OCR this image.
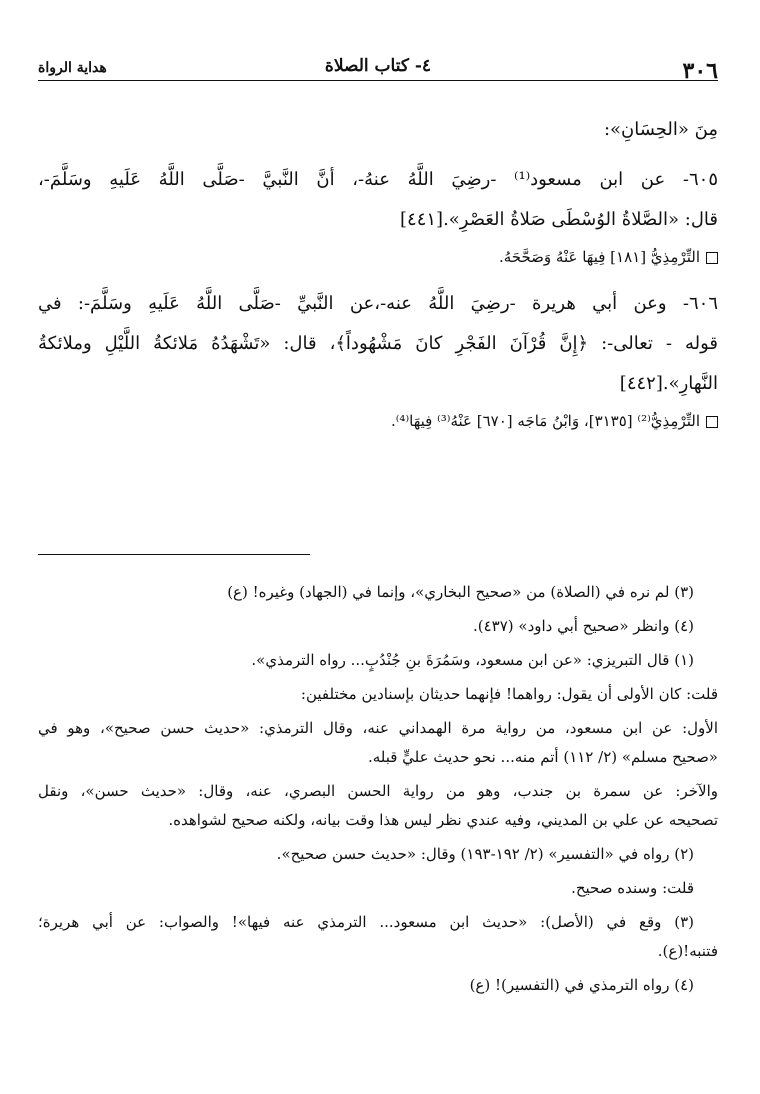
٣٠٦
٤- كتاب الصلاة
هداية الرواة
مِنَ «الحِسَانِ»:
٦٠٥- عن ابن مسعود⁽¹⁾ -رضِيَ اللَّهُ عنهُ-، أنَّ النَّبيَّ -صَلَّى اللَّهُ عَلَيهِ وسَلَّمَ-،
قال: «الصَّلاةُ الوُسْطَى صَلاةُ العَصْرِ».[٤٤١]
التِّرْمِذِيُّ [١٨١] فِيهَا عَنْهُ وَصَحَّحَهُ.
٦٠٦- وعن أبي هريرة -رضِيَ اللَّهُ عنه-،عن النَّبيِّ -صَلَّى اللَّهُ عَلَيهِ وسَلَّمَ-: في
قوله - تعالى-: ﴿إِنَّ قُرْآنَ الفَجْرِ كانَ مَشْهُوداً﴾، قال: «تَشْهَدُهُ مَلائكةُ اللَّيْلِ وملائكةُ
النَّهارِ».[٤٤٢]
التِّرْمِذِيُّ⁽²⁾ [٣١٣٥]، وَابْنُ مَاجَه [٦٧٠] عَنْهُ⁽³⁾ فِيهَا⁽⁴⁾.
(٣) لم نره في (الصلاة) من «صحيح البخاري»، وإنما في (الجهاد) وغيره! (ع)
(٤) وانظر «صحيح أبي داود» (٤٣٧).
(١) قال التبريزي: «عن ابن مسعود، وسَمُرَةَ بنِ جُنْدُبٍ... رواه الترمذي».
قلت: كان الأولى أن يقول: رواهما! فإنهما حديثان بإسنادين مختلفين:
الأول: عن ابن مسعود، من رواية مرة الهمداني عنه، وقال الترمذي: «حديث حسن صحيح»، وهو في
«صحيح مسلم» (٢/ ١١٢) أتم منه... نحو حديث عليٍّ قبله.
والآخر: عن سمرة بن جندب، وهو من رواية الحسن البصري، عنه، وقال: «حديث حسن»، ونقل
تصحيحه عن علي بن المديني، وفيه عندي نظر ليس هذا وقت بيانه، ولكنه صحيح لشواهده.
(٢) رواه في «التفسير» (٢/ ١٩٢-١٩٣) وقال: «حديث حسن صحيح».
قلت: وسنده صحيح.
(٣) وقع في (الأصل): «حديث ابن مسعود... الترمذي عنه فيها»! والصواب: عن أبي هريرة؛
فتنبه!(ع).
(٤) رواه الترمذي في (التفسير)! (ع)
